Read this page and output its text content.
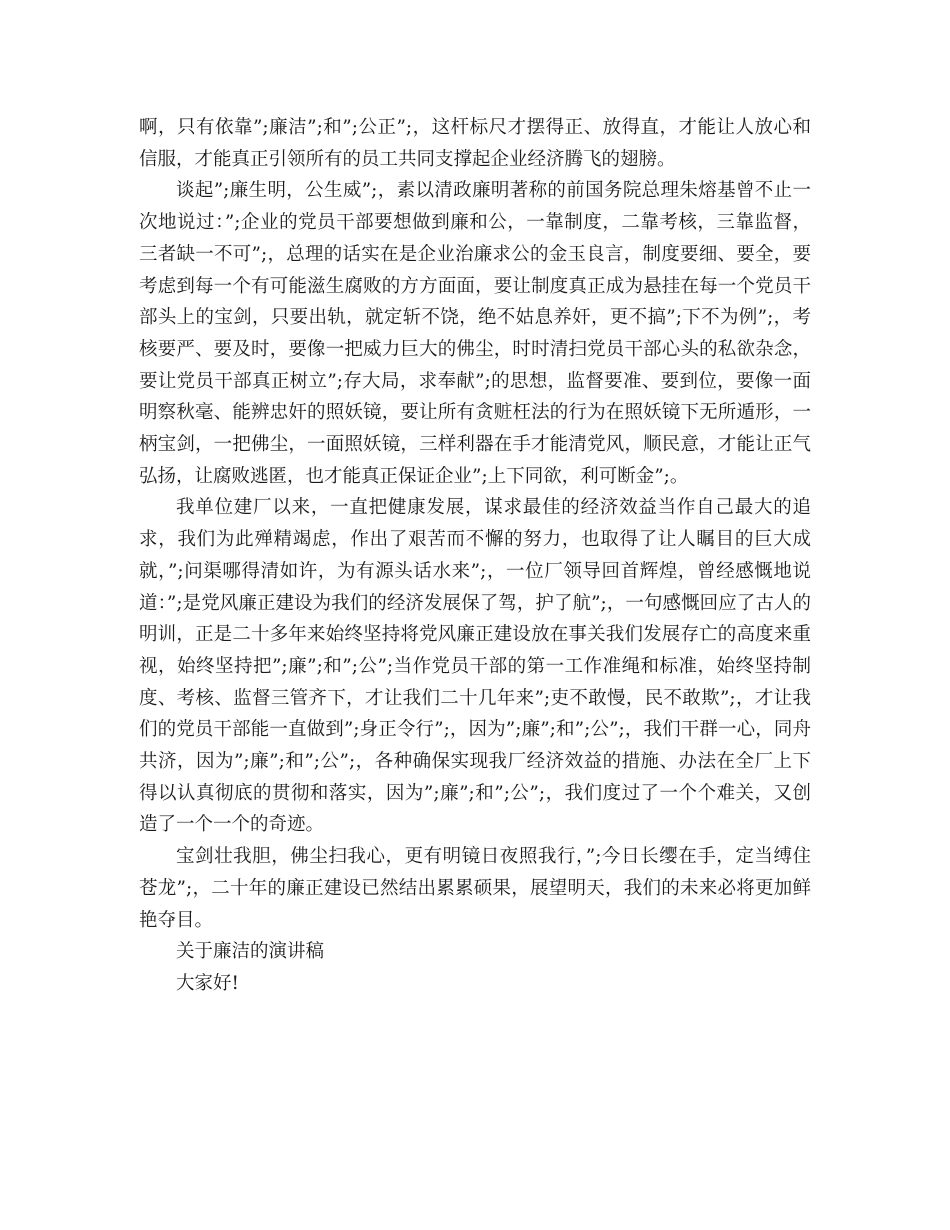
啊，只有依靠”;廉洁”;和”;公正”;，这杆标尺才摆得正、放得直，才能让人放心和信服，才能真正引领所有的员工共同支撑起企业经济腾飞的翅膀。

谈起”;廉生明，公生威”;，素以清政廉明著称的前国务院总理朱熔基曾不止一次地说过：”;企业的党员干部要想做到廉和公，一靠制度，二靠考核，三靠监督，三者缺一不可”;，总理的话实在是企业治廉求公的金玉良言，制度要细、要全，要考虑到每一个有可能滋生腐败的方方面面，要让制度真正成为悬挂在每一个党员干部头上的宝剑，只要出轨，就定斩不饶，绝不姑息养奸，更不搞”;下不为例”;，考核要严、要及时，要像一把威力巨大的佛尘，时时清扫党员干部心头的私欲杂念，要让党员干部真正树立”;存大局，求奉献”;的思想，监督要准、要到位，要像一面明察秋毫、能辨忠奸的照妖镜，要让所有贪赃枉法的行为在照妖镜下无所遁形，一柄宝剑，一把佛尘，一面照妖镜，三样利器在手才能清党风，顺民意，才能让正气弘扬，让腐败逃匿，也才能真正保证企业”;上下同欲，利可断金”;。

我单位建厂以来，一直把健康发展，谋求最佳的经济效益当作自己最大的追求，我们为此殚精竭虑，作出了艰苦而不懈的努力，也取得了让人瞩目的巨大成就，”;问渠哪得清如许，为有源头话水来”;，一位厂领导回首辉煌，曾经感慨地说道：”;是党风廉正建设为我们的经济发展保了驾，护了航”;，一句感慨回应了古人的明训，正是二十多年来始终坚持将党风廉正建设放在事关我们发展存亡的高度来重视，始终坚持把”;廉”;和”;公”;当作党员干部的第一工作准绳和标准，始终坚持制度、考核、监督三管齐下，才让我们二十几年来”;吏不敢慢，民不敢欺”;，才让我们的党员干部能一直做到”;身正令行”;，因为”;廉”;和”;公”;，我们干群一心，同舟共济，因为”;廉”;和”;公”;，各种确保实现我厂经济效益的措施、办法在全厂上下得以认真彻底的贯彻和落实，因为”;廉”;和”;公”;，我们度过了一个个难关，又创造了一个一个的奇迹。

宝剑壮我胆，佛尘扫我心，更有明镜日夜照我行，”;今日长缨在手，定当缚住苍龙”;，二十年的廉正建设已然结出累累硕果，展望明天，我们的未来必将更加鲜艳夺目。

关于廉洁的演讲稿

大家好!
